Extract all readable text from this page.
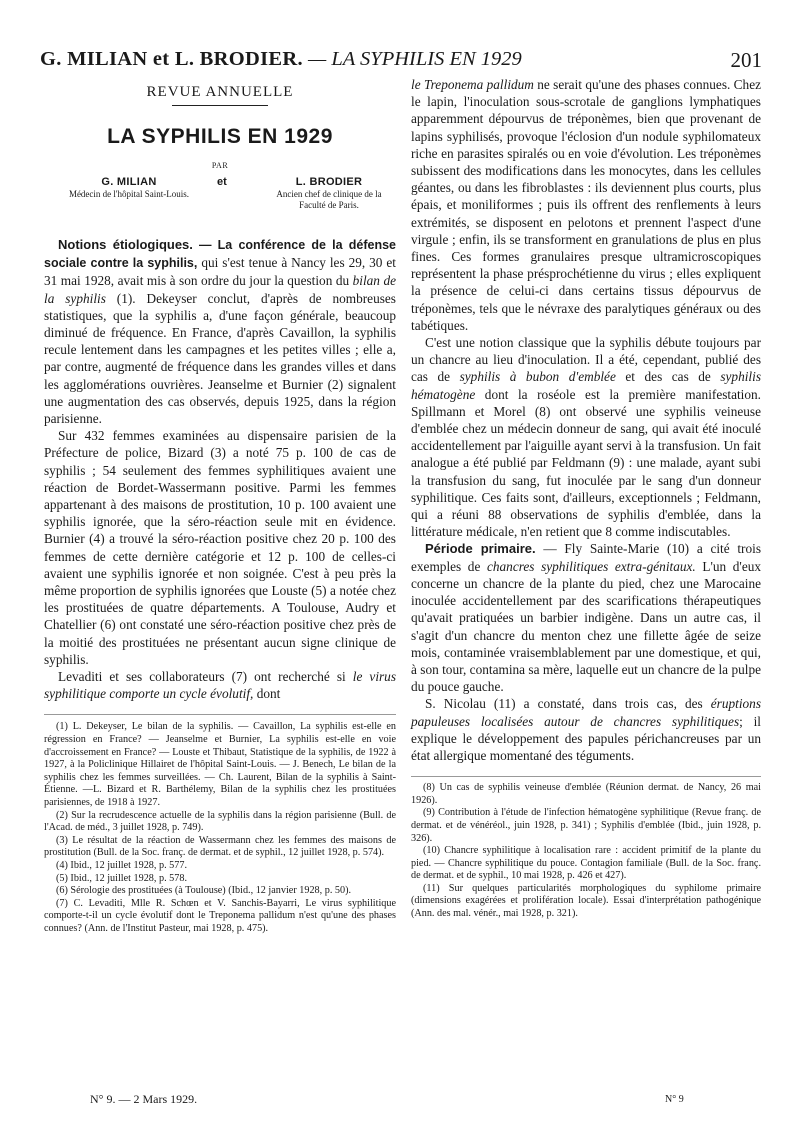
G. MILIAN et L. BRODIER. — LA SYPHILIS EN 1929	201
REVUE ANNUELLE
LA SYPHILIS EN 1929
PAR
G. MILIAN
Médecin de l'hôpital Saint-Louis.
et	L. BRODIER
Ancien chef de clinique de la Faculté de Paris.

Notions étiologiques. — La conférence de la défense sociale contre la syphilis, qui s'est tenue à Nancy les 29, 30 et 31 mai 1928, avait mis à son ordre du jour la question du bilan de la syphilis (1). Dekeyser conclut, d'après de nombreuses statistiques, que la syphilis a, d'une façon générale, beaucoup diminué de fréquence. En France, d'après Cavaillon, la syphilis recule lentement dans les campagnes et les petites villes ; elle a, par contre, augmenté de fréquence dans les grandes villes et dans les agglomérations ouvrières. Jeanselme et Burnier (2) signalent une augmentation des cas observés, depuis 1925, dans la région parisienne.

Sur 432 femmes examinées au dispensaire parisien de la Préfecture de police, Bizard (3) a noté 75 p. 100 de cas de syphilis ; 54 seulement des femmes syphilitiques avaient une réaction de Bordet-Wassermann positive. Parmi les femmes appartenant à des maisons de prostitution, 10 p. 100 avaient une syphilis ignorée, que la séro-réaction seule mit en évidence. Burnier (4) a trouvé la séro-réaction positive chez 20 p. 100 des femmes de cette dernière catégorie et 12 p. 100 de celles-ci avaient une syphilis ignorée et non soignée. C'est à peu près la même proportion de syphilis ignorées que Louste (5) a notée chez les prostituées de quatre départements. A Toulouse, Audry et Chatellier (6) ont constaté une séro-réaction positive chez près de la moitié des prostituées ne présentant aucun signe clinique de syphilis.

Levaditi et ses collaborateurs (7) ont recherché si le virus syphilitique comporte un cycle évolutif, dont

(1) L. Dekeyser, Le bilan de la syphilis. — Cavaillon, La syphilis est-elle en régression en France? — Jeanselme et Burnier, La syphilis est-elle en voie d'accroissement en France? — Louste et Thibaut, Statistique de la syphilis, de 1922 à 1927, à la Policlinique Hillairet de l'hôpital Saint-Louis. — J. Benech, Le bilan de la syphilis chez les femmes surveillées. — Ch. Laurent, Bilan de la syphilis à Saint-Étienne. —L. Bizard et R. Barthélemy, Bilan de la syphilis chez les prostituées parisiennes, de 1918 à 1927.

(2) Sur la recrudescence actuelle de la syphilis dans la région parisienne (Bull. de l'Acad. de méd., 3 juillet 1928, p. 749).

(3) Le résultat de la réaction de Wassermann chez les femmes des maisons de prostitution (Bull. de la Soc. franç. de dermat. et de syphil., 12 juillet 1928, p. 574).

(4) Ibid., 12 juillet 1928, p. 577.

(5) Ibid., 12 juillet 1928, p. 578.

(6) Sérologie des prostituées (à Toulouse) (Ibid., 12 janvier 1928, p. 50).

(7) C. Levaditi, Mlle R. Schœn et V. Sanchis-Bayarri, Le virus syphilitique comporte-t-il un cycle évolutif dont le Treponema pallidum n'est qu'une des phases connues? (Ann. de l'Institut Pasteur, mai 1928, p. 475).

le Treponema pallidum ne serait qu'une des phases connues. Chez le lapin, l'inoculation sous-scrotale de ganglions lymphatiques apparemment dépourvus de tréponèmes, bien que provenant de lapins syphilisés, provoque l'éclosion d'un nodule syphilomateux riche en parasites spiralés ou en voie d'évolution. Les tréponèmes subissent des modifications dans les monocytes, dans les cellules géantes, ou dans les fibroblastes : ils deviennent plus courts, plus épais, et moniliformes ; puis ils offrent des renflements à leurs extrémités, se disposent en pelotons et prennent l'aspect d'une virgule ; enfin, ils se transforment en granulations de plus en plus fines. Ces formes granulaires presque ultramicroscopiques représentent la phase présprochétienne du virus ; elles expliquent la présence de celui-ci dans certains tissus dépourvus de tréponèmes, tels que le névraxe des paralytiques généraux ou des tabétiques.

C'est une notion classique que la syphilis débute toujours par un chancre au lieu d'inoculation. Il a été, cependant, publié des cas de syphilis à bubon d'emblée et des cas de syphilis hématogène dont la roséole est la première manifestation. Spillmann et Morel (8) ont observé une syphilis veineuse d'emblée chez un médecin donneur de sang, qui avait été inoculé accidentellement par l'aiguille ayant servi à la transfusion. Un fait analogue a été publié par Feldmann (9) : une malade, ayant subi la transfusion du sang, fut inoculée par le sang d'un donneur syphilitique. Ces faits sont, d'ailleurs, exceptionnels ; Feldmann, qui a réuni 88 observations de syphilis d'emblée, dans la littérature médicale, n'en retient que 8 comme indiscutables.

Période primaire. — Fly Sainte-Marie (10) a cité trois exemples de chancres syphilitiques extra-génitaux. L'un d'eux concerne un chancre de la plante du pied, chez une Marocaine inoculée accidentellement par des scarifications thérapeutiques qu'avait pratiquées un barbier indigène. Dans un autre cas, il s'agit d'un chancre du menton chez une fillette âgée de seize mois, contaminée vraisemblablement par une domestique, et qui, à son tour, contamina sa mère, laquelle eut un chancre de la pulpe du pouce gauche.

S. Nicolau (11) a constaté, dans trois cas, des éruptions papuleuses localisées autour de chancres syphilitiques; il explique le développement des papules périchancreuses par un état allergique momentané des téguments.

(8) Un cas de syphilis veineuse d'emblée (Réunion dermat. de Nancy, 26 mai 1926).

(9) Contribution à l'étude de l'infection hématogène syphilitique (Revue franç. de dermat. et de vénéréol., juin 1928, p. 341) ; Syphilis d'emblée (Ibid., juin 1928, p. 326).

(10) Chancre syphilitique à localisation rare : accident primitif de la plante du pied. — Chancre syphilitique du pouce. Contagion familiale (Bull. de la Soc. franç. de dermat. et de syphil., 10 mai 1928, p. 426 et 427).

(11) Sur quelques particularités morphologiques du syphilome primaire (dimensions exagérées et prolifération locale). Essai d'interprétation pathogénique (Ann. des mal. vénér., mai 1928, p. 321).

N° 9. — 2 Mars 1929.	N° 9
